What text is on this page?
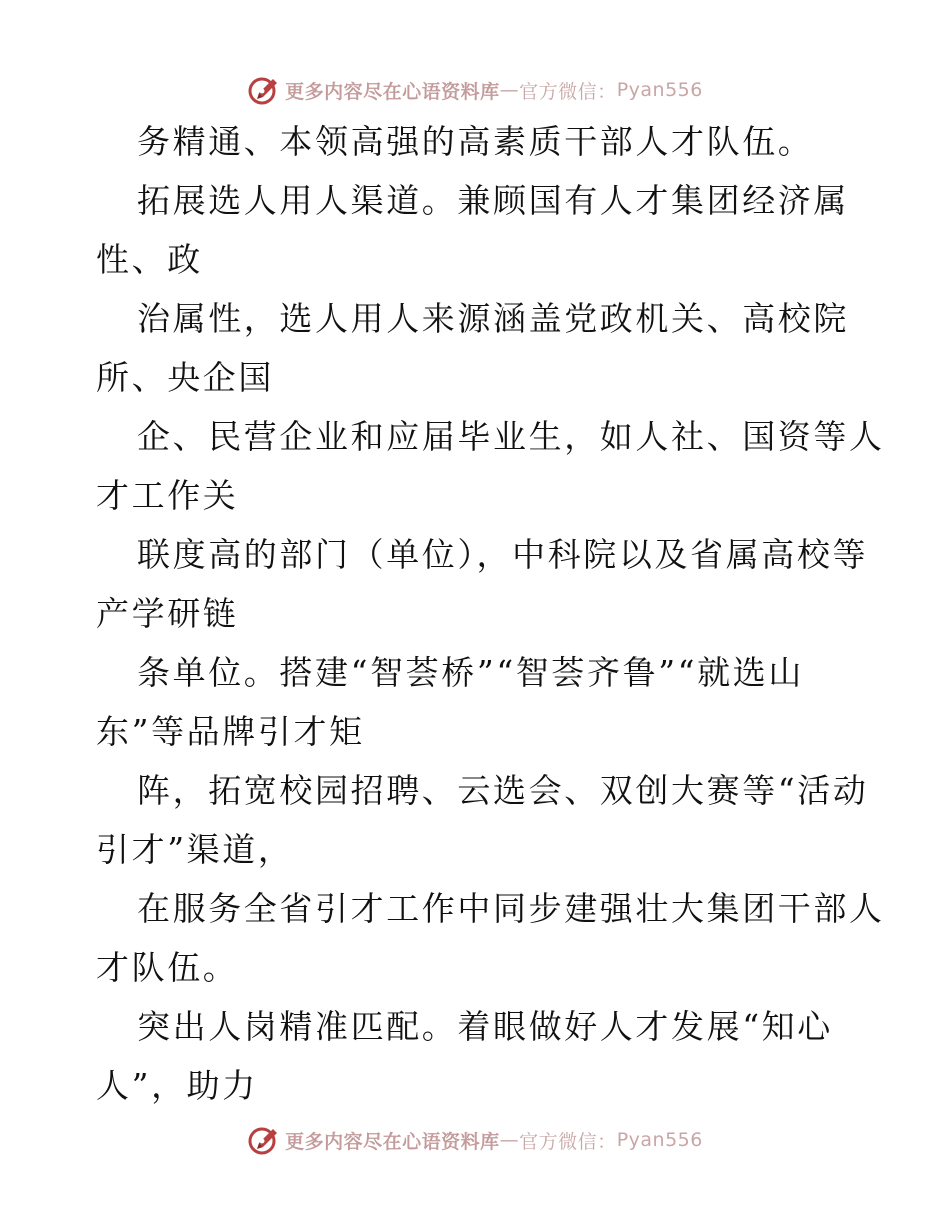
更多内容尽在心语资料库 — 官方微信： Pyan556
务精通、本领高强的高素质干部人才队伍。
拓展选人用人渠道。兼顾国有人才集团经济属
性、政
治属性，选人用人来源涵盖党政机关、高校院
所、央企国
企、民营企业和应届毕业生，如人社、国资等人
才工作关
联度高的部门（单位），中科院以及省属高校等
产学研链
条单位。搭建“智荟桥”“智荟齐鲁”“就选山
东”等品牌引才矩
阵，拓宽校园招聘、云选会、双创大赛等“活动
引才”渠道，
在服务全省引才工作中同步建强壮大集团干部人
才队伍。
突出人岗精准匹配。着眼做好人才发展“知心
人”，助力
更多内容尽在心语资料库 — 官方微信： Pyan556
